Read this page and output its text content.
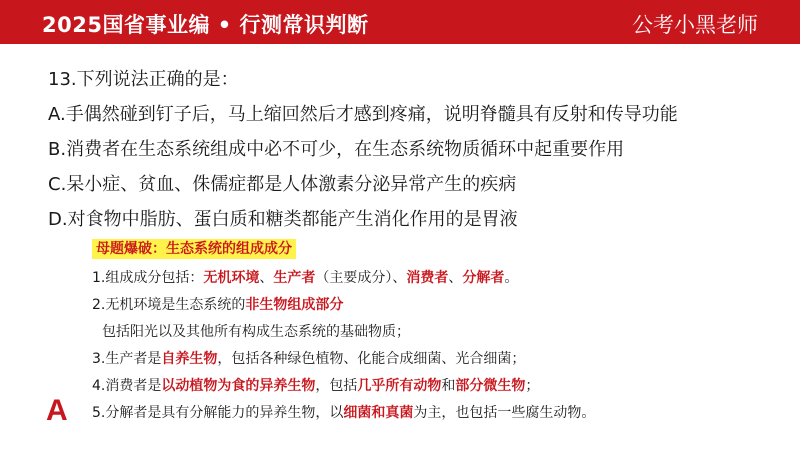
2025国省事业编 • 行测常识判断	公考小黑老师
13.下列说法正确的是：
A.手偶然碰到钉子后，马上缩回然后才感到疼痛，说明脊髓具有反射和传导功能
B.消费者在生态系统组成中必不可少，在生态系统物质循环中起重要作用
C.呆小症、贫血、侏儒症都是人体激素分泌异常产生的疾病
D.对食物中脂肪、蛋白质和糖类都能产生消化作用的是胃液
母题爆破：生态系统的组成成分
1.组成成分包括：无机环境、生产者（主要成分）、消费者、分解者。
2.无机环境是生态系统的非生物组成部分
包括阳光以及其他所有构成生态系统的基础物质；
3.生产者是自养生物，包括各种绿色植物、化能合成细菌、光合细菌；
4.消费者是以动植物为食的异养生物，包括几乎所有动物和部分微生物；
5.分解者是具有分解能力的异养生物，以细菌和真菌为主，也包括一些腐生动物。
A
